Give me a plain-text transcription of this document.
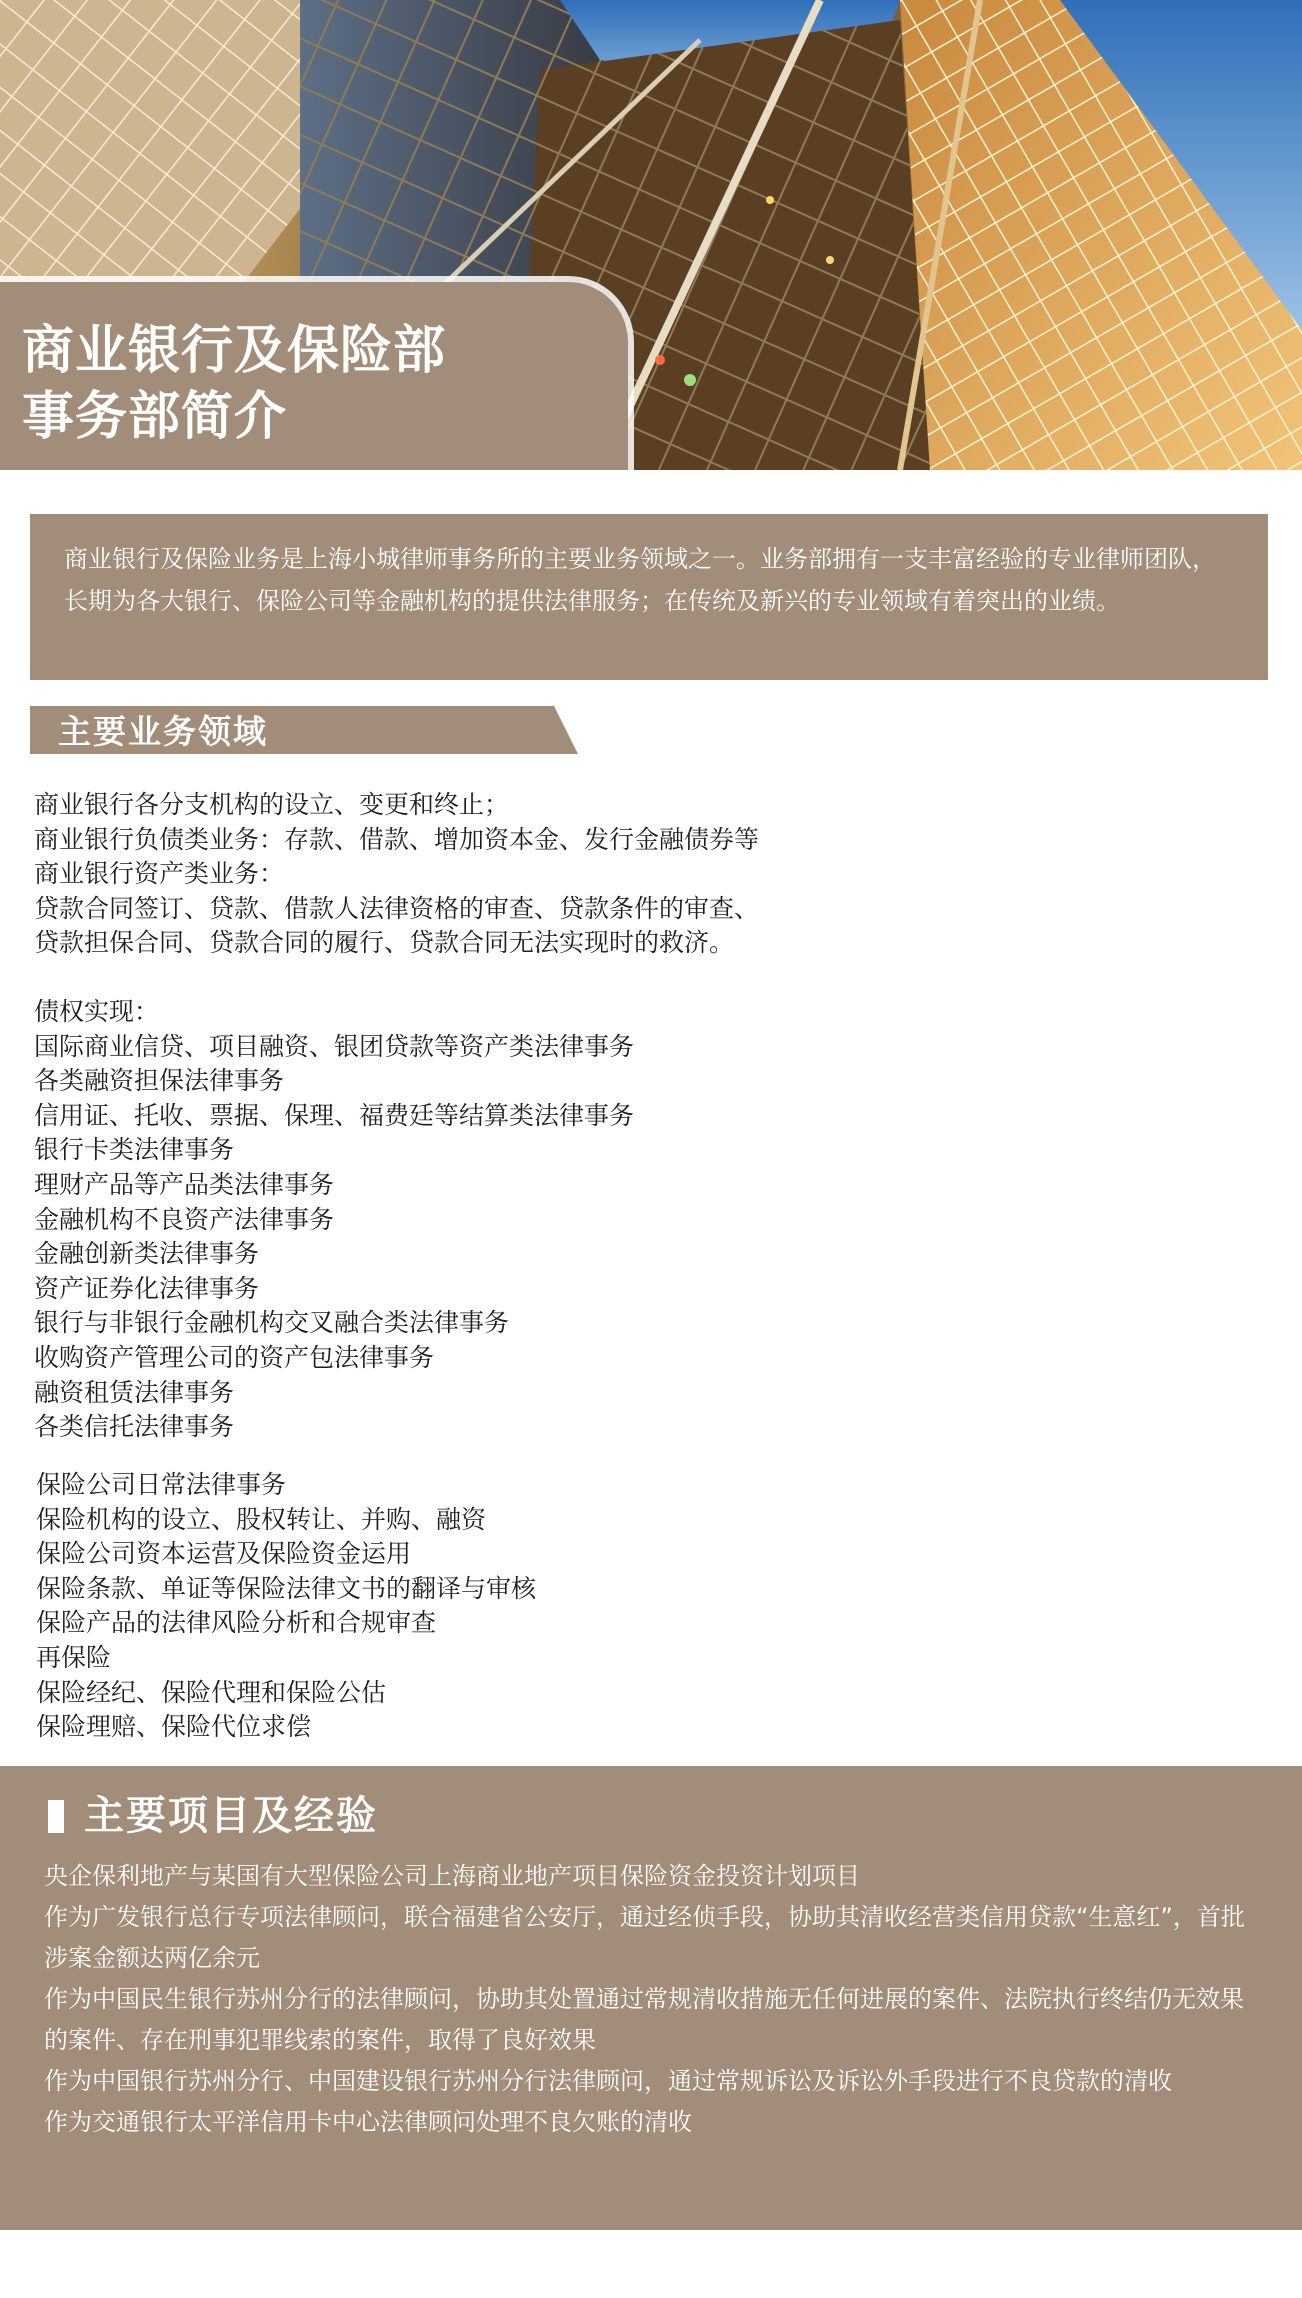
商业银行及保险部
事务部简介

商业银行及保险业务是上海小城律师事务所的主要业务领域之一。业务部拥有一支丰富经验的专业律师团队，长期为各大银行、保险公司等金融机构的提供法律服务；在传统及新兴的专业领域有着突出的业绩。

主要业务领域
商业银行各分支机构的设立、变更和终止；
商业银行负债类业务：存款、借款、增加资本金、发行金融债券等
商业银行资产类业务：
贷款合同签订、贷款、借款人法律资格的审查、贷款条件的审查、
贷款担保合同、贷款合同的履行、贷款合同无法实现时的救济。
债权实现：
国际商业信贷、项目融资、银团贷款等资产类法律事务
各类融资担保法律事务
信用证、托收、票据、保理、福费廷等结算类法律事务
银行卡类法律事务
理财产品等产品类法律事务
金融机构不良资产法律事务
金融创新类法律事务
资产证券化法律事务
银行与非银行金融机构交叉融合类法律事务
收购资产管理公司的资产包法律事务
融资租赁法律事务
各类信托法律事务
保险公司日常法律事务
保险机构的设立、股权转让、并购、融资
保险公司资本运营及保险资金运用
保险条款、单证等保险法律文书的翻译与审核
保险产品的法律风险分析和合规审查
再保险
保险经纪、保险代理和保险公估
保险理赔、保险代位求偿
主要项目及经验
央企保利地产与某国有大型保险公司上海商业地产项目保险资金投资计划项目
作为广发银行总行专项法律顾问，联合福建省公安厅，通过经侦手段，协助其清收经营类信用贷款“生意红”，首批涉案金额达两亿余元
作为中国民生银行苏州分行的法律顾问，协助其处置通过常规清收措施无任何进展的案件、法院执行终结仍无效果的案件、存在刑事犯罪线索的案件，取得了良好效果
作为中国银行苏州分行、中国建设银行苏州分行法律顾问，通过常规诉讼及诉讼外手段进行不良贷款的清收
作为交通银行太平洋信用卡中心法律顾问处理不良欠账的清收
